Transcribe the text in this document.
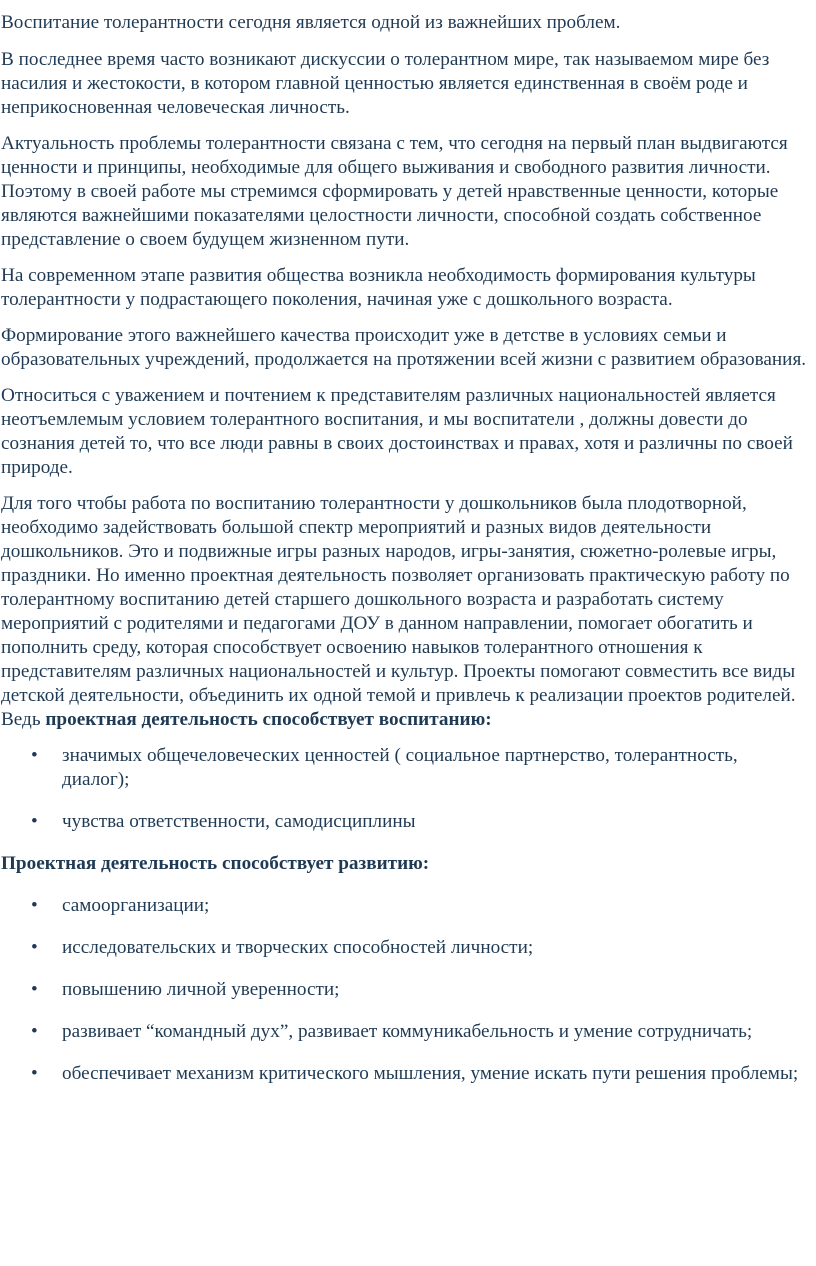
Воспитание толерантности сегодня является одной из важнейших проблем.

В последнее время часто возникают дискуссии о толерантном мире, так называемом мире без насилия и жестокости, в котором главной ценностью является единственная в своём роде и неприкосновенная человеческая личность.

Актуальность проблемы толерантности связана с тем, что сегодня на первый план выдвигаются ценности и принципы, необходимые для общего выживания и свободного развития личности. Поэтому в своей работе мы стремимся сформировать у детей нравственные ценности, которые являются важнейшими показателями целостности личности, способной создать собственное представление о своем будущем жизненном пути.

На современном этапе развития общества возникла необходимость формирования культуры толерантности у подрастающего поколения, начиная уже с дошкольного возраста.

Формирование этого важнейшего качества происходит уже в детстве в условиях семьи и образовательных учреждений, продолжается на протяжении всей жизни с развитием образования.

Относиться с уважением и почтением к представителям различных национальностей является неотъемлемым условием толерантного воспитания, и мы воспитатели , должны довести до сознания детей то, что все люди равны в своих достоинствах и правах, хотя и различны по своей природе.

Для того чтобы работа по воспитанию толерантности у дошкольников была плодотворной, необходимо задействовать большой спектр мероприятий и разных видов деятельности дошкольников. Это и подвижные игры разных народов, игры-занятия, сюжетно-ролевые игры, праздники. Но именно проектная деятельность позволяет организовать практическую работу по толерантному воспитанию детей старшего дошкольного возраста и разработать систему мероприятий с родителями и педагогами ДОУ в данном направлении, помогает обогатить и пополнить среду, которая способствует освоению навыков толерантного отношения к представителям различных национальностей и культур. Проекты помогают совместить все виды детской деятельности, объединить их одной темой и привлечь к реализации проектов родителей. Ведь проектная деятельность способствует воспитанию:

• значимых общечеловеческих ценностей ( социальное партнерство, толерантность, диалог);
• чувства ответственности, самодисциплины

Проектная деятельность способствует развитию:

• самоорганизации;
• исследовательских и творческих способностей личности;
• повышению личной уверенности;
• развивает “командный дух”, развивает коммуникабельность и умение сотрудничать;
• обеспечивает механизм критического мышления, умение искать пути решения проблемы;
